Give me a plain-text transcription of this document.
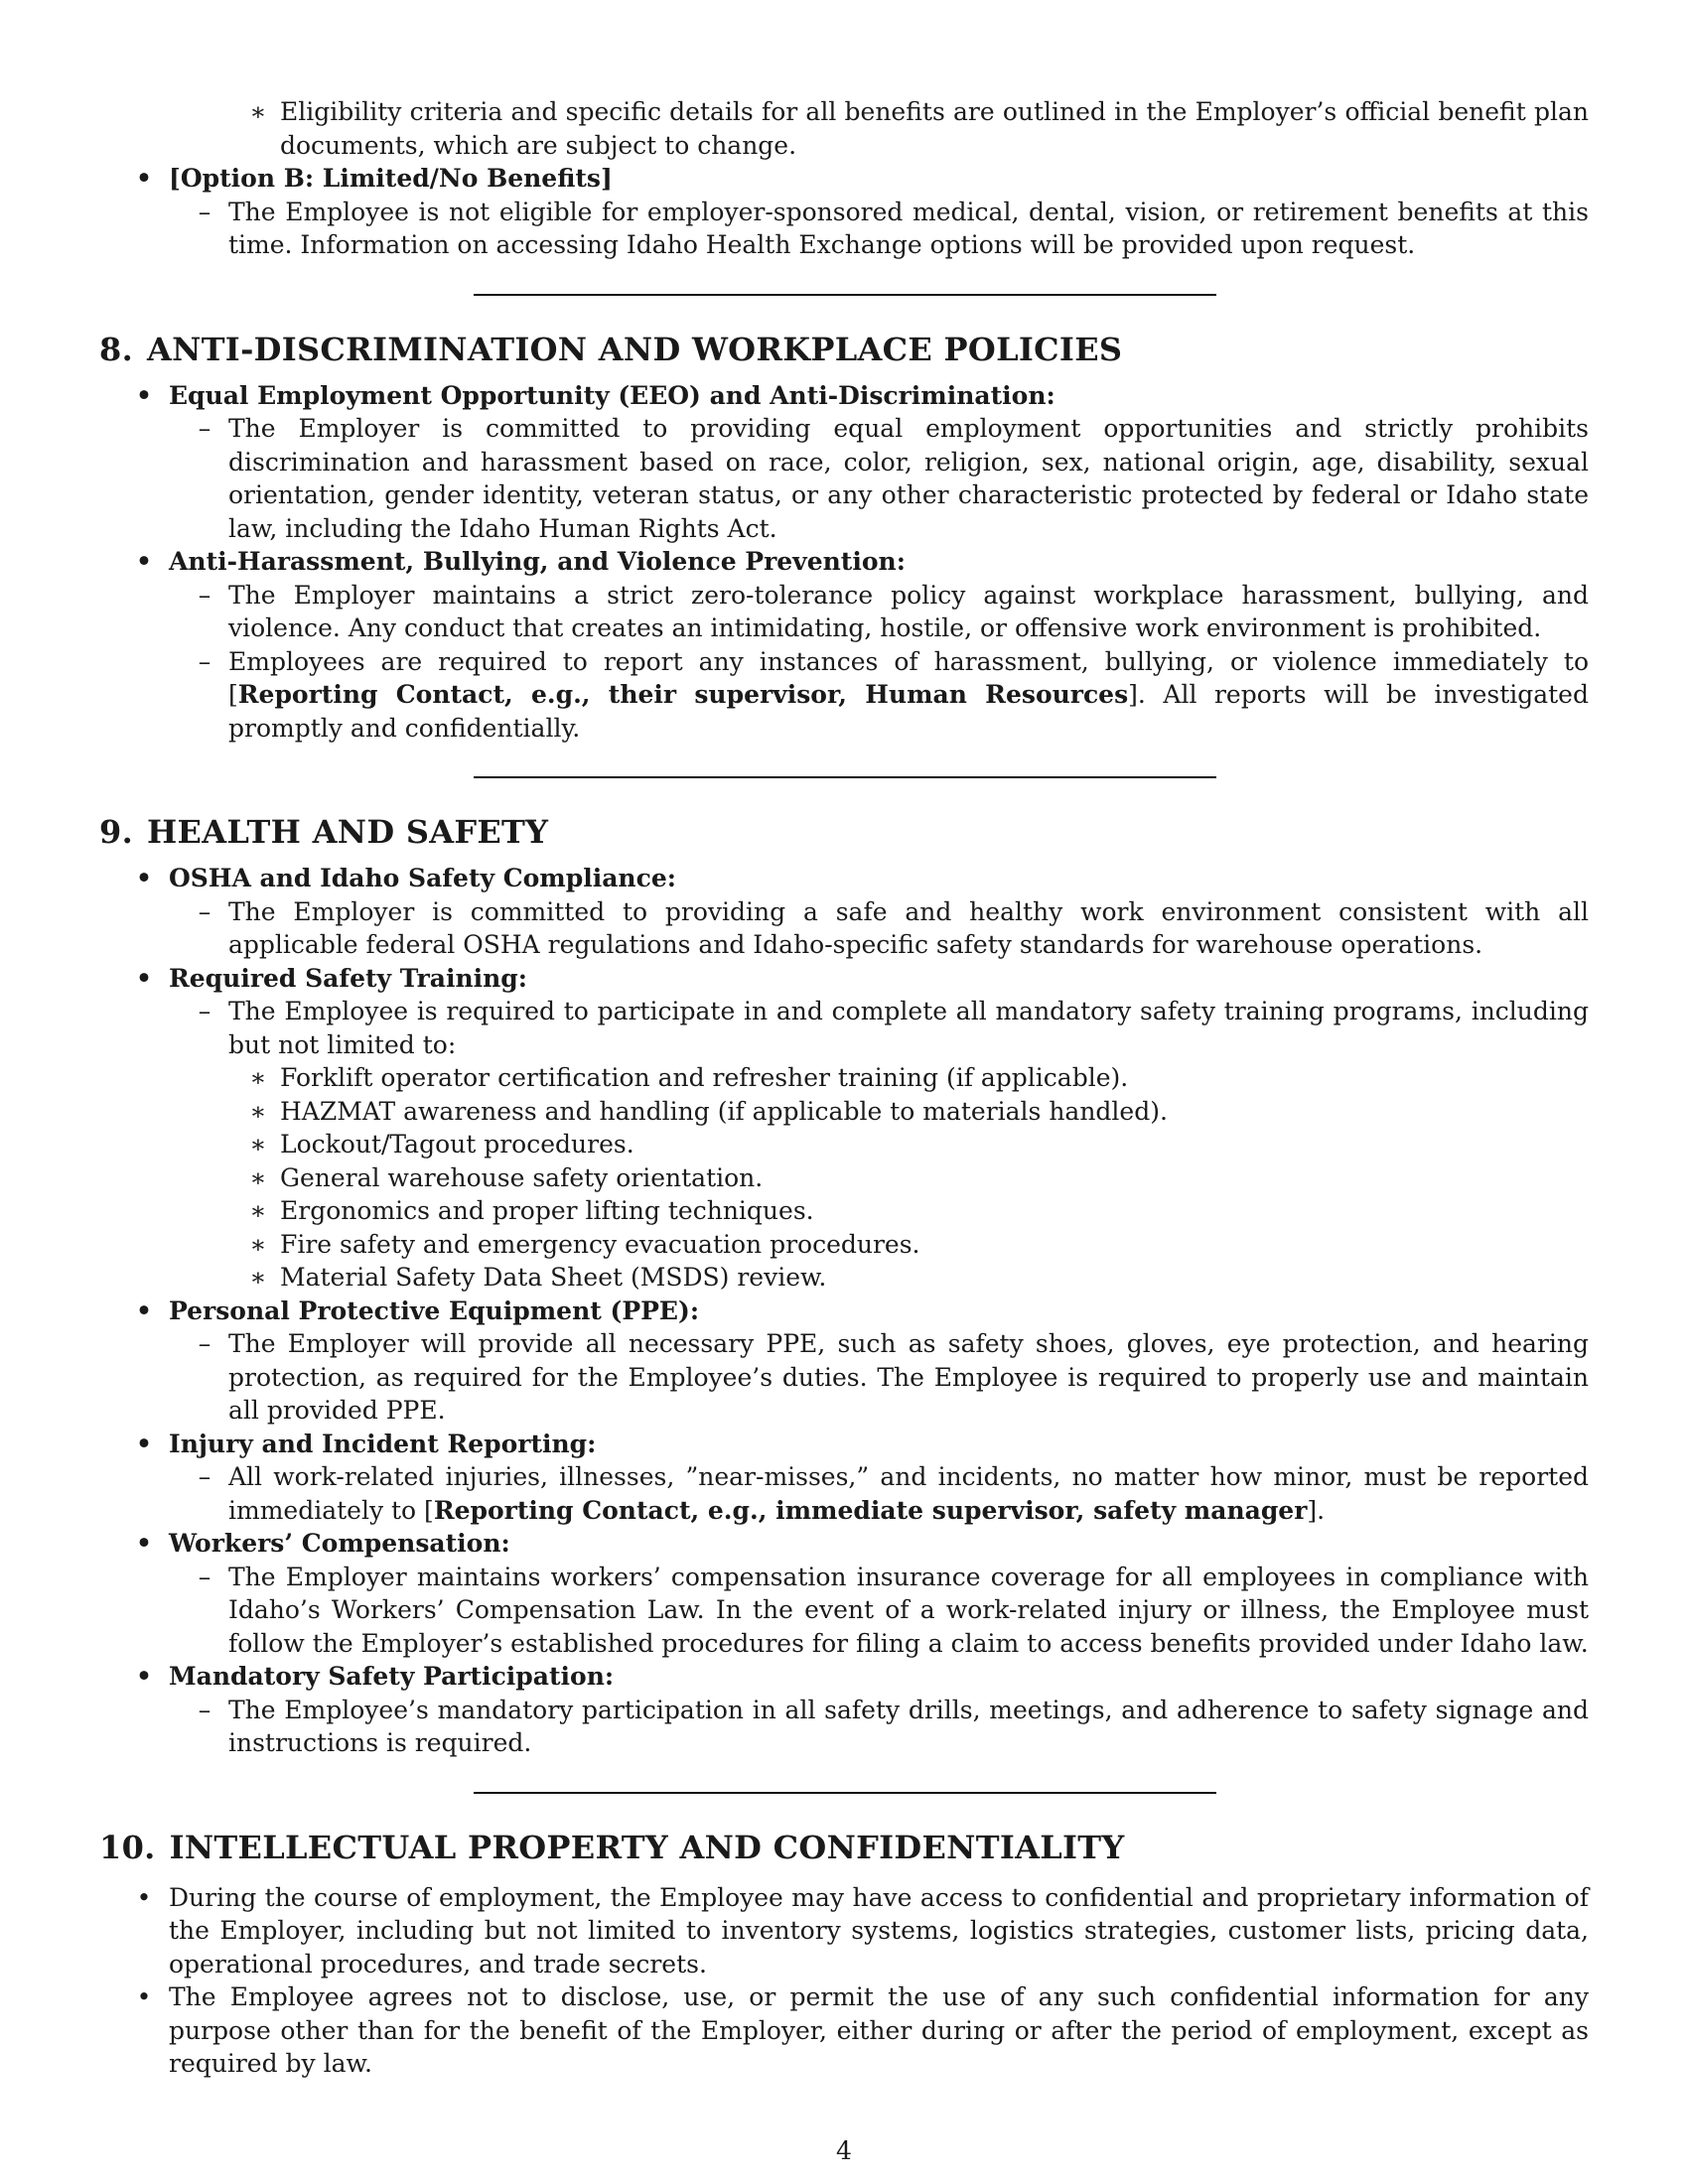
∗ Eligibility criteria and specific details for all benefits are outlined in the Employer’s official benefit plan documents, which are subject to change.
• [Option B: Limited/No Benefits]
– The Employee is not eligible for employer-sponsored medical, dental, vision, or retirement benefits at this time. Information on accessing Idaho Health Exchange options will be provided upon request.
8. ANTI-DISCRIMINATION AND WORKPLACE POLICIES
• Equal Employment Opportunity (EEO) and Anti-Discrimination:
– The Employer is committed to providing equal employment opportunities and strictly prohibits discrimination and harassment based on race, color, religion, sex, national origin, age, disability, sexual orientation, gender identity, veteran status, or any other characteristic protected by federal or Idaho state law, including the Idaho Human Rights Act.
• Anti-Harassment, Bullying, and Violence Prevention:
– The Employer maintains a strict zero-tolerance policy against workplace harassment, bullying, and violence. Any conduct that creates an intimidating, hostile, or offensive work environment is prohibited.
– Employees are required to report any instances of harassment, bullying, or violence immediately to [Reporting Contact, e.g., their supervisor, Human Resources]. All reports will be investigated promptly and confidentially.
9. HEALTH AND SAFETY
• OSHA and Idaho Safety Compliance:
– The Employer is committed to providing a safe and healthy work environment consistent with all applicable federal OSHA regulations and Idaho-specific safety standards for warehouse operations.
• Required Safety Training:
– The Employee is required to participate in and complete all mandatory safety training programs, including but not limited to:
∗ Forklift operator certification and refresher training (if applicable).
∗ HAZMAT awareness and handling (if applicable to materials handled).
∗ Lockout/Tagout procedures.
∗ General warehouse safety orientation.
∗ Ergonomics and proper lifting techniques.
∗ Fire safety and emergency evacuation procedures.
∗ Material Safety Data Sheet (MSDS) review.
• Personal Protective Equipment (PPE):
– The Employer will provide all necessary PPE, such as safety shoes, gloves, eye protection, and hearing protection, as required for the Employee’s duties. The Employee is required to properly use and maintain all provided PPE.
• Injury and Incident Reporting:
– All work-related injuries, illnesses, ”near-misses,” and incidents, no matter how minor, must be reported immediately to [Reporting Contact, e.g., immediate supervisor, safety manager].
• Workers’ Compensation:
– The Employer maintains workers’ compensation insurance coverage for all employees in compliance with Idaho’s Workers’ Compensation Law. In the event of a work-related injury or illness, the Employee must follow the Employer’s established procedures for filing a claim to access benefits provided under Idaho law.
• Mandatory Safety Participation:
– The Employee’s mandatory participation in all safety drills, meetings, and adherence to safety signage and instructions is required.
10. INTELLECTUAL PROPERTY AND CONFIDENTIALITY
• During the course of employment, the Employee may have access to confidential and proprietary information of the Employer, including but not limited to inventory systems, logistics strategies, customer lists, pricing data, operational procedures, and trade secrets.
• The Employee agrees not to disclose, use, or permit the use of any such confidential information for any purpose other than for the benefit of the Employer, either during or after the period of employment, except as required by law.
4
